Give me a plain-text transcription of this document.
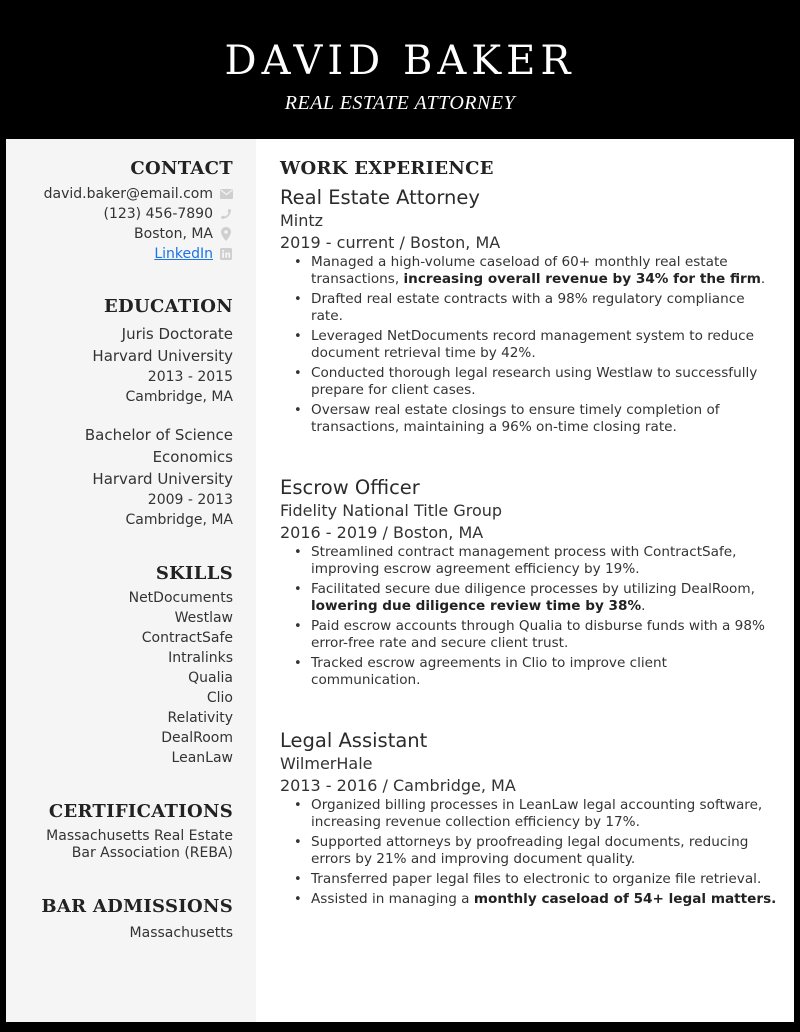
DAVID BAKER
REAL ESTATE ATTORNEY
CONTACT
david.baker@email.com
(123) 456-7890
Boston, MA
LinkedIn
EDUCATION
Juris Doctorate
Harvard University
2013 - 2015
Cambridge, MA
Bachelor of Science
Economics
Harvard University
2009 - 2013
Cambridge, MA
SKILLS
NetDocuments
Westlaw
ContractSafe
Intralinks
Qualia
Clio
Relativity
DealRoom
LeanLaw
CERTIFICATIONS
Massachusetts Real Estate
Bar Association (REBA)
BAR ADMISSIONS
Massachusetts
WORK EXPERIENCE
Real Estate Attorney
Mintz
2019 - current / Boston, MA
• Managed a high-volume caseload of 60+ monthly real estate transactions, increasing overall revenue by 34% for the firm.
• Drafted real estate contracts with a 98% regulatory compliance rate.
• Leveraged NetDocuments record management system to reduce document retrieval time by 42%.
• Conducted thorough legal research using Westlaw to successfully prepare for client cases.
• Oversaw real estate closings to ensure timely completion of transactions, maintaining a 96% on-time closing rate.
Escrow Officer
Fidelity National Title Group
2016 - 2019 / Boston, MA
• Streamlined contract management process with ContractSafe, improving escrow agreement efficiency by 19%.
• Facilitated secure due diligence processes by utilizing DealRoom, lowering due diligence review time by 38%.
• Paid escrow accounts through Qualia to disburse funds with a 98% error-free rate and secure client trust.
• Tracked escrow agreements in Clio to improve client communication.
Legal Assistant
WilmerHale
2013 - 2016 / Cambridge, MA
• Organized billing processes in LeanLaw legal accounting software, increasing revenue collection efficiency by 17%.
• Supported attorneys by proofreading legal documents, reducing errors by 21% and improving document quality.
• Transferred paper legal files to electronic to organize file retrieval.
• Assisted in managing a monthly caseload of 54+ legal matters.
